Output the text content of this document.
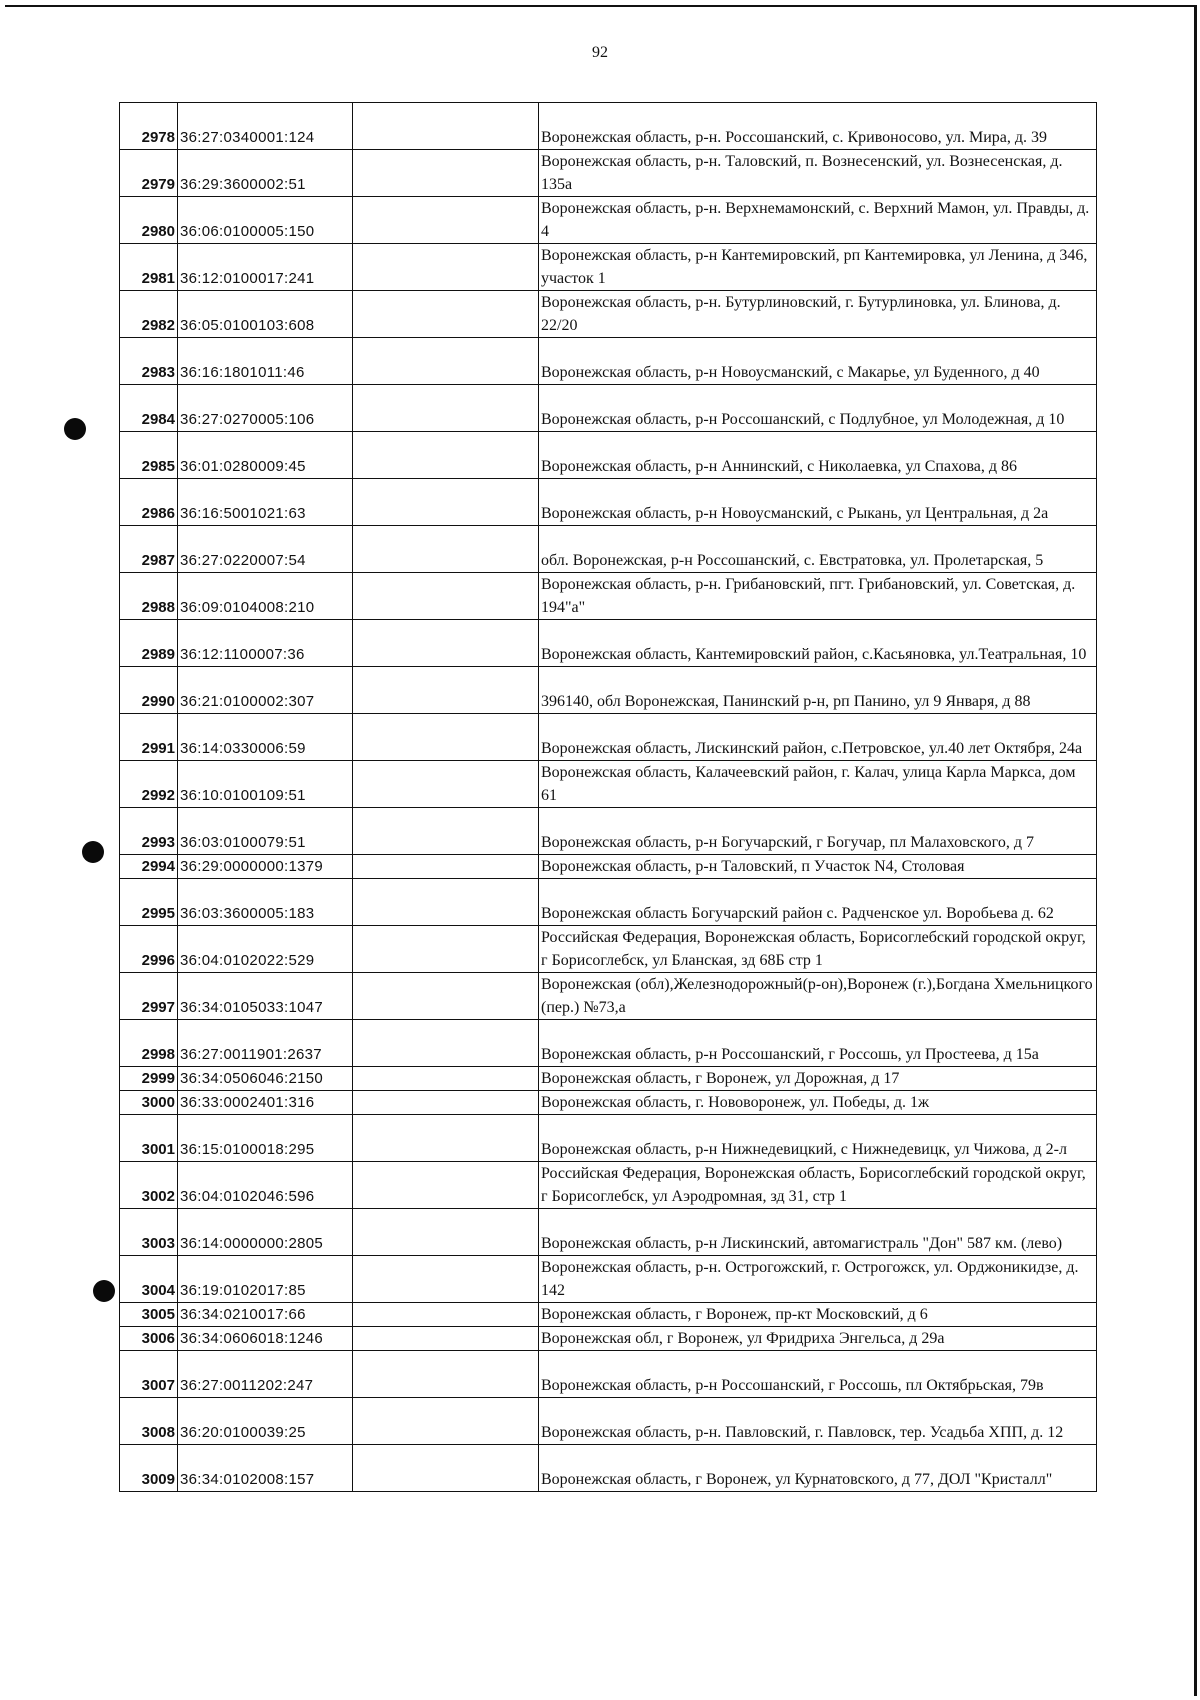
92
2978	36:27:0340001:124		Воронежская область, р-н. Россошанский, с. Кривоносово, ул. Мира, д. 39
2979	36:29:3600002:51		Воронежская область, р-н. Таловский, п. Вознесенский, ул. Вознесенская, д. 135а
2980	36:06:0100005:150		Воронежская область, р-н. Верхнемамонский, с. Верхний Мамон, ул. Правды, д. 4
2981	36:12:0100017:241		Воронежская область, р-н Кантемировский, рп Кантемировка, ул Ленина, д 346, участок 1
2982	36:05:0100103:608		Воронежская область, р-н. Бутурлиновский, г. Бутурлиновка, ул. Блинова, д. 22/20
2983	36:16:1801011:46		Воронежская область, р-н Новоусманский, с Макарье, ул Буденного, д 40
2984	36:27:0270005:106		Воронежская область, р-н Россошанский, с Подлубное, ул Молодежная, д 10
2985	36:01:0280009:45		Воронежская область, р-н Аннинский, с Николаевка, ул Спахова, д 86
2986	36:16:5001021:63		Воронежская область, р-н Новоусманский, с Рыкань, ул Центральная, д 2а
2987	36:27:0220007:54		обл. Воронежская, р-н Россошанский, с. Евстратовка, ул. Пролетарская, 5
2988	36:09:0104008:210		Воронежская область, р-н. Грибановский, пгт. Грибановский, ул. Советская, д. 194"а"
2989	36:12:1100007:36		Воронежская область, Кантемировский район, с.Касьяновка, ул.Театральная, 10
2990	36:21:0100002:307		396140, обл Воронежская, Панинский р-н, рп Панино, ул 9 Января, д 88
2991	36:14:0330006:59		Воронежская область, Лискинский район, с.Петровское, ул.40 лет Октября, 24а
2992	36:10:0100109:51		Воронежская область, Калачеевский район, г. Калач, улица Карла Маркса, дом 61
2993	36:03:0100079:51		Воронежская область, р-н Богучарский, г Богучар, пл Малаховского, д 7
2994	36:29:0000000:1379		Воронежская область, р-н Таловский, п Участок N4, Столовая
2995	36:03:3600005:183		Воронежская область Богучарский район с. Радченское ул. Воробьева д. 62
2996	36:04:0102022:529		Российская Федерация, Воронежская область, Борисоглебский городской округ, г Борисоглебск, ул Бланская, зд 68Б стр 1
2997	36:34:0105033:1047		Воронежская (обл),Железнодорожный(р-он),Воронеж (г.),Богдана Хмельницкого (пер.) №73,а
2998	36:27:0011901:2637		Воронежская область, р-н Россошанский, г Россошь, ул Простеева, д 15а
2999	36:34:0506046:2150		Воронежская область, г Воронеж, ул Дорожная, д 17
3000	36:33:0002401:316		Воронежская область, г. Нововоронеж, ул. Победы, д. 1ж
3001	36:15:0100018:295		Воронежская область, р-н Нижнедевицкий, с Нижнедевицк, ул Чижова, д 2-л
3002	36:04:0102046:596		Российская Федерация, Воронежская область, Борисоглебский городской округ, г Борисоглебск, ул Аэродромная, зд 31, стр 1
3003	36:14:0000000:2805		Воронежская область, р-н Лискинский, автомагистраль "Дон" 587 км. (лево)
3004	36:19:0102017:85		Воронежская область, р-н. Острогожский, г. Острогожск, ул. Орджоникидзе, д. 142
3005	36:34:0210017:66		Воронежская область, г Воронеж, пр-кт Московский, д 6
3006	36:34:0606018:1246		Воронежская обл, г Воронеж, ул Фридриха Энгельса, д 29а
3007	36:27:0011202:247		Воронежская область, р-н Россошанский, г Россошь, пл Октябрьская, 79в
3008	36:20:0100039:25		Воронежская область, р-н. Павловский, г. Павловск, тер. Усадьба ХПП, д. 12
3009	36:34:0102008:157		Воронежская область, г Воронеж, ул Курнатовского, д 77, ДОЛ "Кристалл"
